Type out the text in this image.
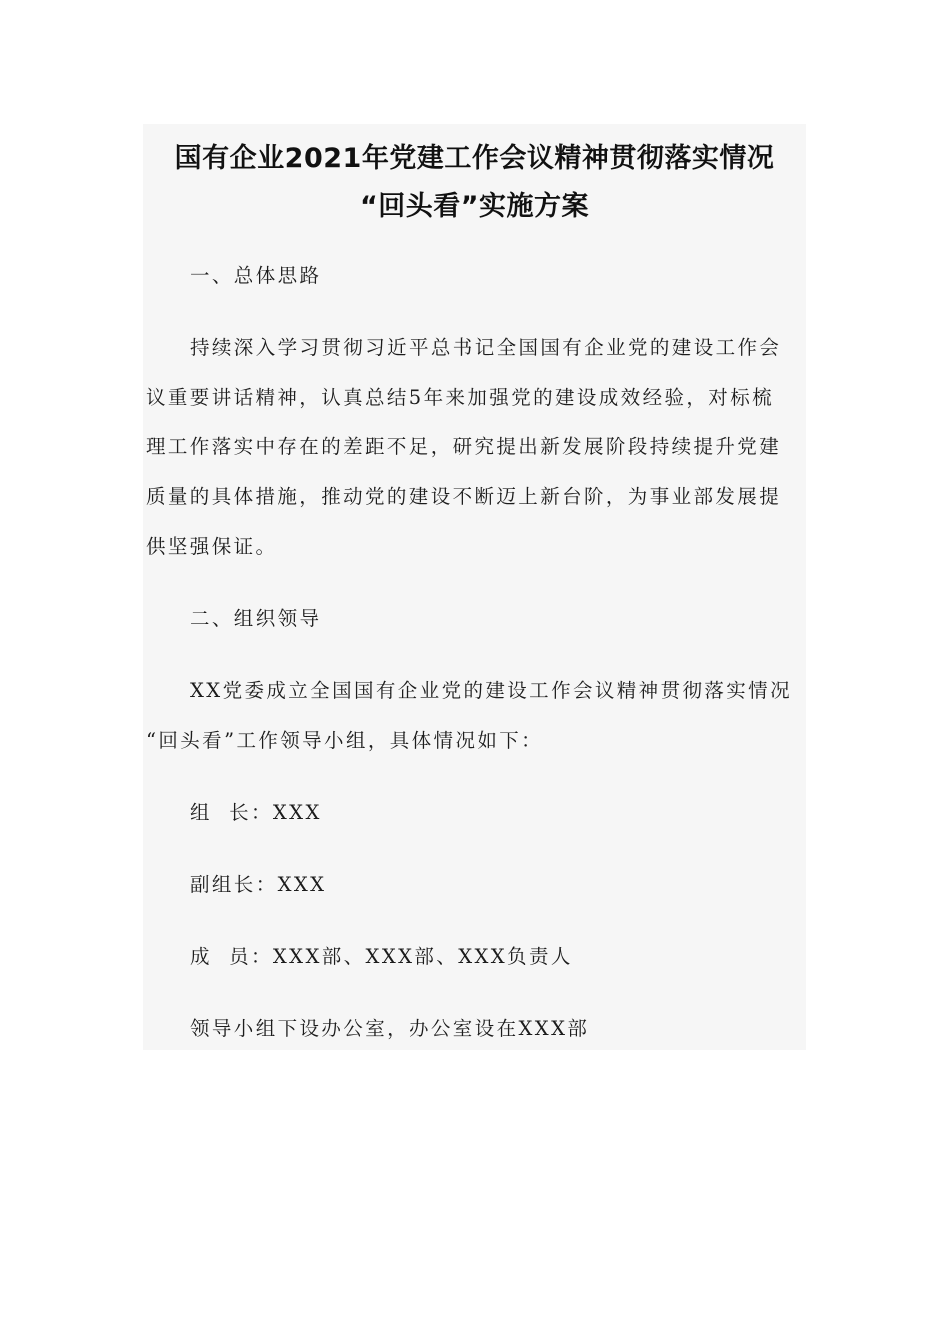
国有企业2021年党建工作会议精神贯彻落实情况
“回头看”实施方案
一、总体思路
持续深入学习贯彻习近平总书记全国国有企业党的建设工作会
议重要讲话精神，认真总结5年来加强党的建设成效经验，对标梳
理工作落实中存在的差距不足，研究提出新发展阶段持续提升党建
质量的具体措施，推动党的建设不断迈上新台阶，为事业部发展提
供坚强保证。
二、组织领导
XX党委成立全国国有企业党的建设工作会议精神贯彻落实情况
“回头看”工作领导小组，具体情况如下：
组  长：XXX
副组长：XXX
成  员：XXX部、XXX部、XXX负责人
领导小组下设办公室，办公室设在XXX部
